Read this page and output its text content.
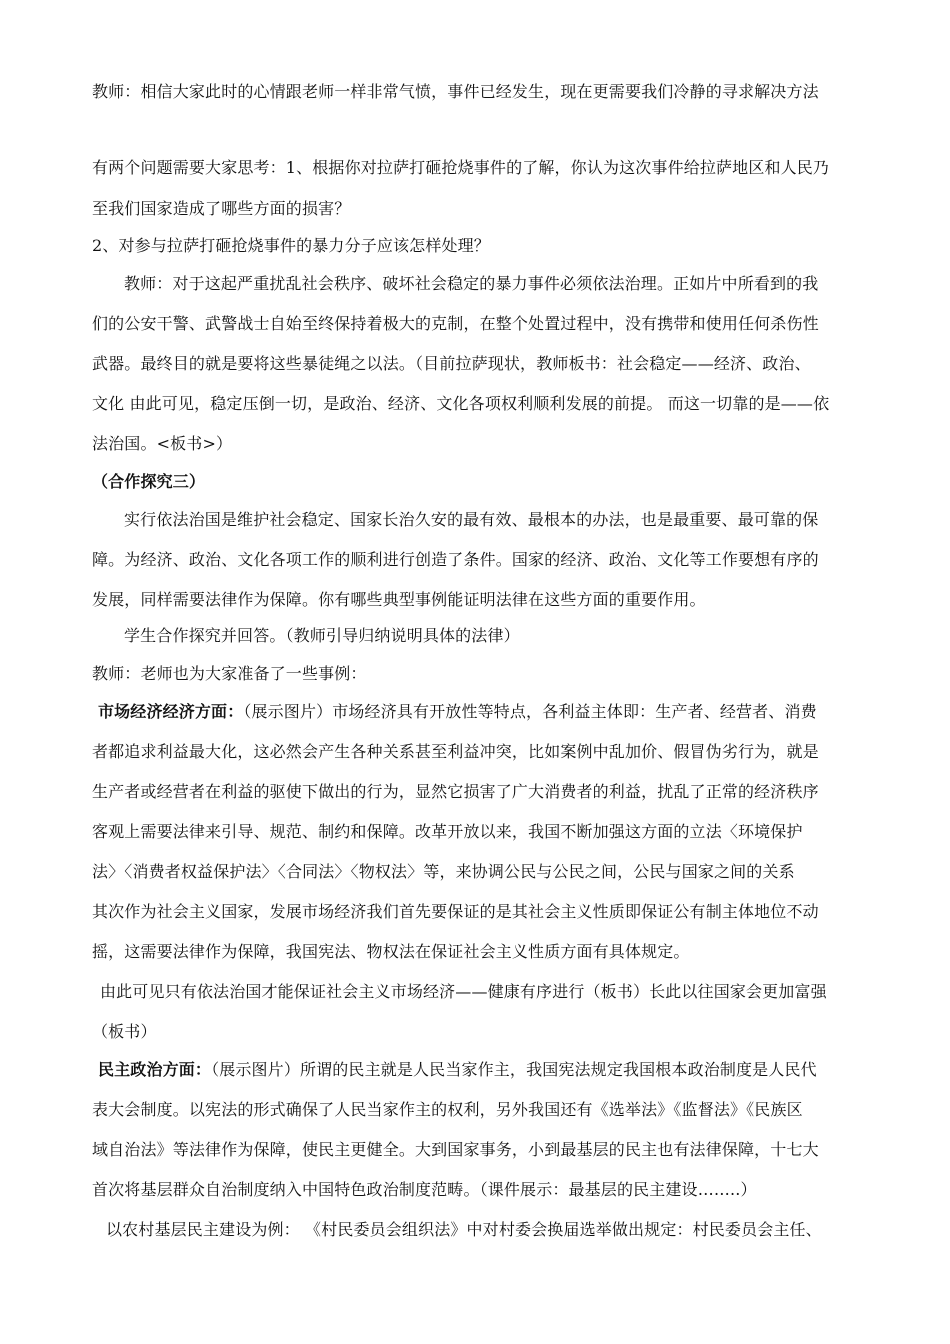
教师：相信大家此时的心情跟老师一样非常气愤，事件已经发生，现在更需要我们冷静的寻求解决方法
有两个问题需要大家思考：1、根据你对拉萨打砸抢烧事件的了解，你认为这次事件给拉萨地区和人民乃
至我们国家造成了哪些方面的损害？
2、对参与拉萨打砸抢烧事件的暴力分子应该怎样处理？
教师：对于这起严重扰乱社会秩序、破坏社会稳定的暴力事件必须依法治理。正如片中所看到的我
们的公安干警、武警战士自始至终保持着极大的克制，在整个处置过程中，没有携带和使用任何杀伤性
武器。最终目的就是要将这些暴徒绳之以法。（目前拉萨现状，教师板书：社会稳定——经济、政治、
文化 由此可见，稳定压倒一切，是政治、经济、文化各项权利顺利发展的前提。 而这一切靠的是——依
法治国。<板书>）
（合作探究三）
实行依法治国是维护社会稳定、国家长治久安的最有效、最根本的办法，也是最重要、最可靠的保
障。为经济、政治、文化各项工作的顺利进行创造了条件。国家的经济、政治、文化等工作要想有序的
发展，同样需要法律作为保障。你有哪些典型事例能证明法律在这些方面的重要作用。
学生合作探究并回答。（教师引导归纳说明具体的法律）
教师：老师也为大家准备了一些事例：
市场经济经济方面：（展示图片）市场经济具有开放性等特点，各利益主体即：生产者、经营者、消费
者都追求利益最大化，这必然会产生各种关系甚至利益冲突，比如案例中乱加价、假冒伪劣行为，就是
生产者或经营者在利益的驱使下做出的行为，显然它损害了广大消费者的利益，扰乱了正常的经济秩序
客观上需要法律来引导、规范、制约和保障。改革开放以来，我国不断加强这方面的立法〈环境保护
法〉〈消费者权益保护法〉〈合同法〉〈物权法〉等，来协调公民与公民之间，公民与国家之间的关系
其次作为社会主义国家，发展市场经济我们首先要保证的是其社会主义性质即保证公有制主体地位不动
摇，这需要法律作为保障，我国宪法、物权法在保证社会主义性质方面有具体规定。
由此可见只有依法治国才能保证社会主义市场经济——健康有序进行（板书）长此以往国家会更加富强
（板书）
民主政治方面：（展示图片）所谓的民主就是人民当家作主，我国宪法规定我国根本政治制度是人民代
表大会制度。以宪法的形式确保了人民当家作主的权利，另外我国还有《选举法》《监督法》《民族区
域自治法》等法律作为保障，使民主更健全。大到国家事务，小到最基层的民主也有法律保障，十七大
首次将基层群众自治制度纳入中国特色政治制度范畴。（课件展示：最基层的民主建设……..）
以农村基层民主建设为例： 《村民委员会组织法》中对村委会换届选举做出规定：村民委员会主任、
